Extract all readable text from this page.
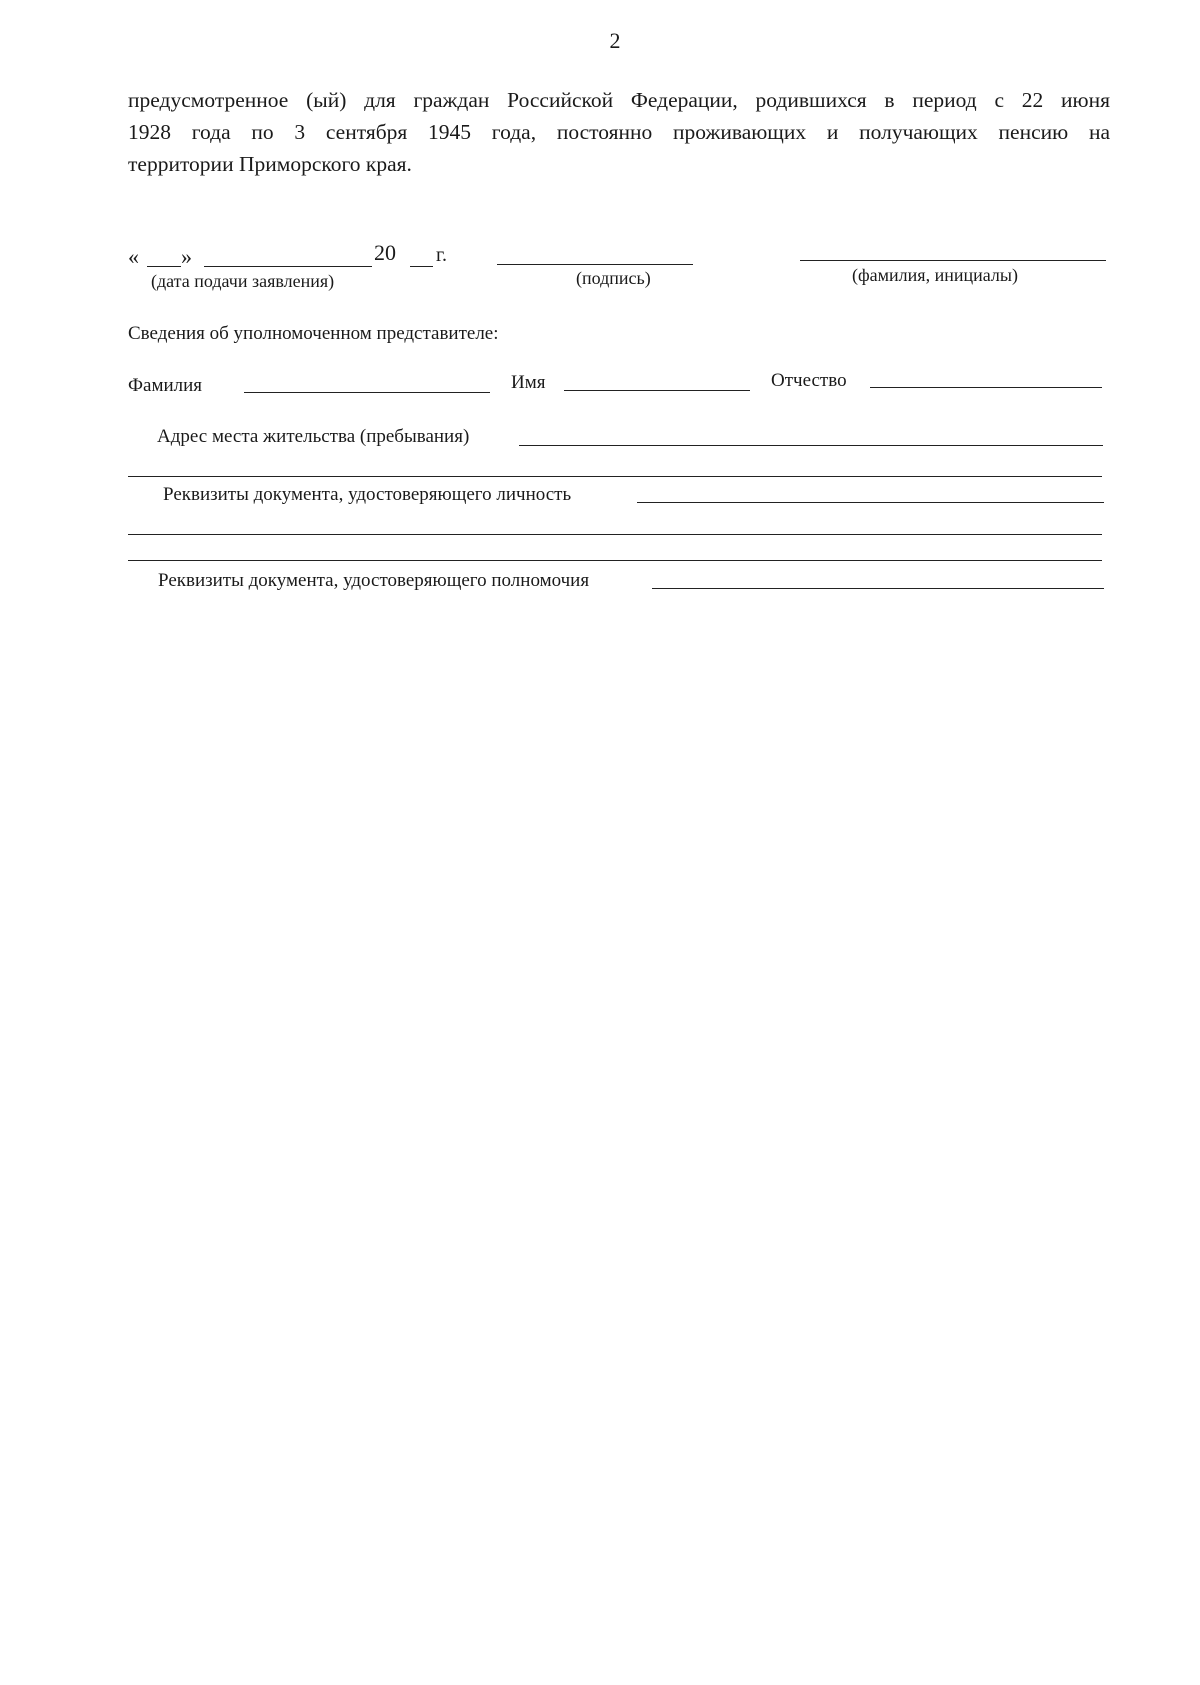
2
предусмотренное (ый) для граждан Российской Федерации, родившихся в период с 22 июня
1928 года по 3 сентября 1945 года, постоянно проживающих и получающих пенсию на
территории Приморского края.
« »	20 г.
(дата подачи заявления)	(подпись)	(фамилия, инициалы)
Сведения об уполномоченном представителе:
Фамилия	Имя	Отчество
Адрес места жительства (пребывания)
Реквизиты документа, удостоверяющего личность
Реквизиты документа, удостоверяющего полномочия
